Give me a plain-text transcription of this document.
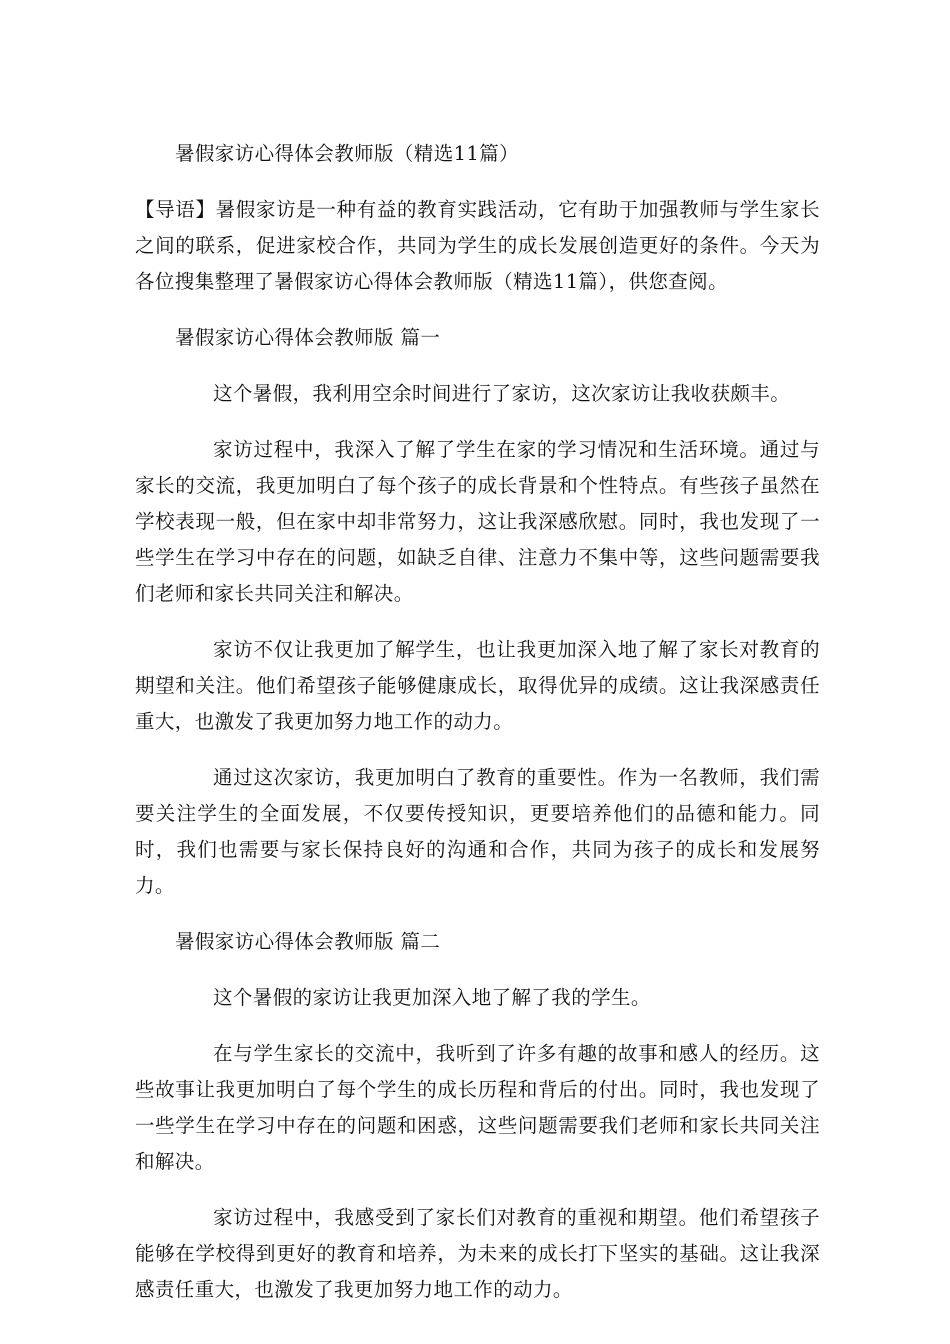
暑假家访心得体会教师版（精选11篇）

【导语】暑假家访是一种有益的教育实践活动，它有助于加强教师与学生家长之间的联系，促进家校合作，共同为学生的成长发展创造更好的条件。今天为各位搜集整理了暑假家访心得体会教师版（精选11篇），供您查阅。

暑假家访心得体会教师版 篇一

这个暑假，我利用空余时间进行了家访，这次家访让我收获颇丰。

家访过程中，我深入了解了学生在家的学习情况和生活环境。通过与家长的交流，我更加明白了每个孩子的成长背景和个性特点。有些孩子虽然在学校表现一般，但在家中却非常努力，这让我深感欣慰。同时，我也发现了一些学生在学习中存在的问题，如缺乏自律、注意力不集中等，这些问题需要我们老师和家长共同关注和解决。

家访不仅让我更加了解学生，也让我更加深入地了解了家长对教育的期望和关注。他们希望孩子能够健康成长，取得优异的成绩。这让我深感责任重大，也激发了我更加努力地工作的动力。

通过这次家访，我更加明白了教育的重要性。作为一名教师，我们需要关注学生的全面发展，不仅要传授知识，更要培养他们的品德和能力。同时，我们也需要与家长保持良好的沟通和合作，共同为孩子的成长和发展努力。

暑假家访心得体会教师版 篇二

这个暑假的家访让我更加深入地了解了我的学生。

在与学生家长的交流中，我听到了许多有趣的故事和感人的经历。这些故事让我更加明白了每个学生的成长历程和背后的付出。同时，我也发现了一些学生在学习中存在的问题和困惑，这些问题需要我们老师和家长共同关注和解决。

家访过程中，我感受到了家长们对教育的重视和期望。他们希望孩子能够在学校得到更好的教育和培养，为未来的成长打下坚实的基础。这让我深感责任重大，也激发了我更加努力地工作的动力。
